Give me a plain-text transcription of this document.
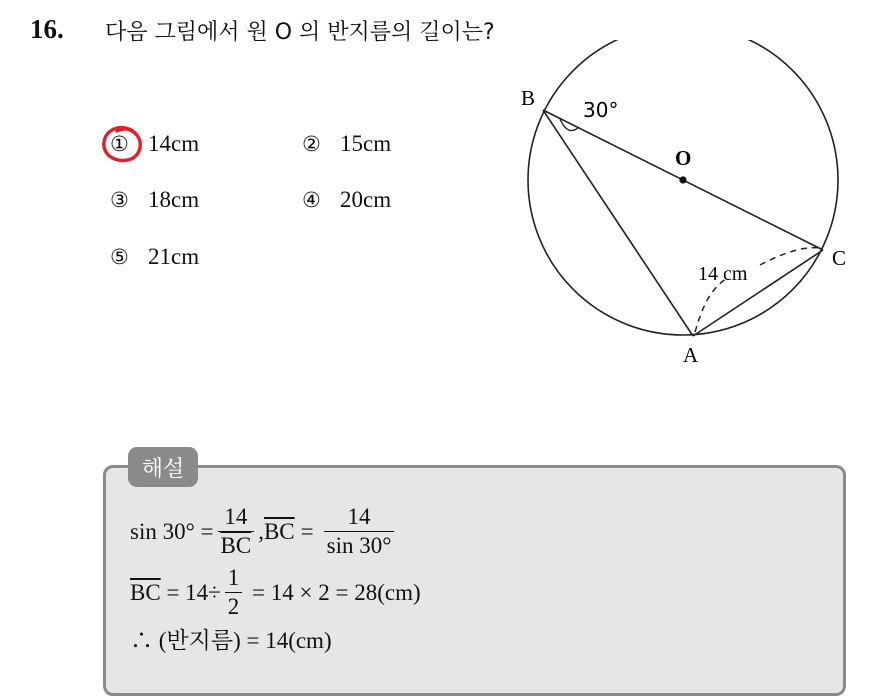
16. 다음 그림에서 원 O 의 반지름의 길이는?
① 14cm	② 15cm
③ 18cm	④ 20cm
⑤ 21cm
B
O
C
A
30°
14 cm
해설
$\sin 30^\circ = \frac{14}{BC}$ , $\overline{BC} = \frac{14}{\sin 30^\circ}$
$\overline{BC} = 14\div \frac{1}{2} = 14 \times 2 = 28(cm)$
∴ (반지름) = 14(cm)
